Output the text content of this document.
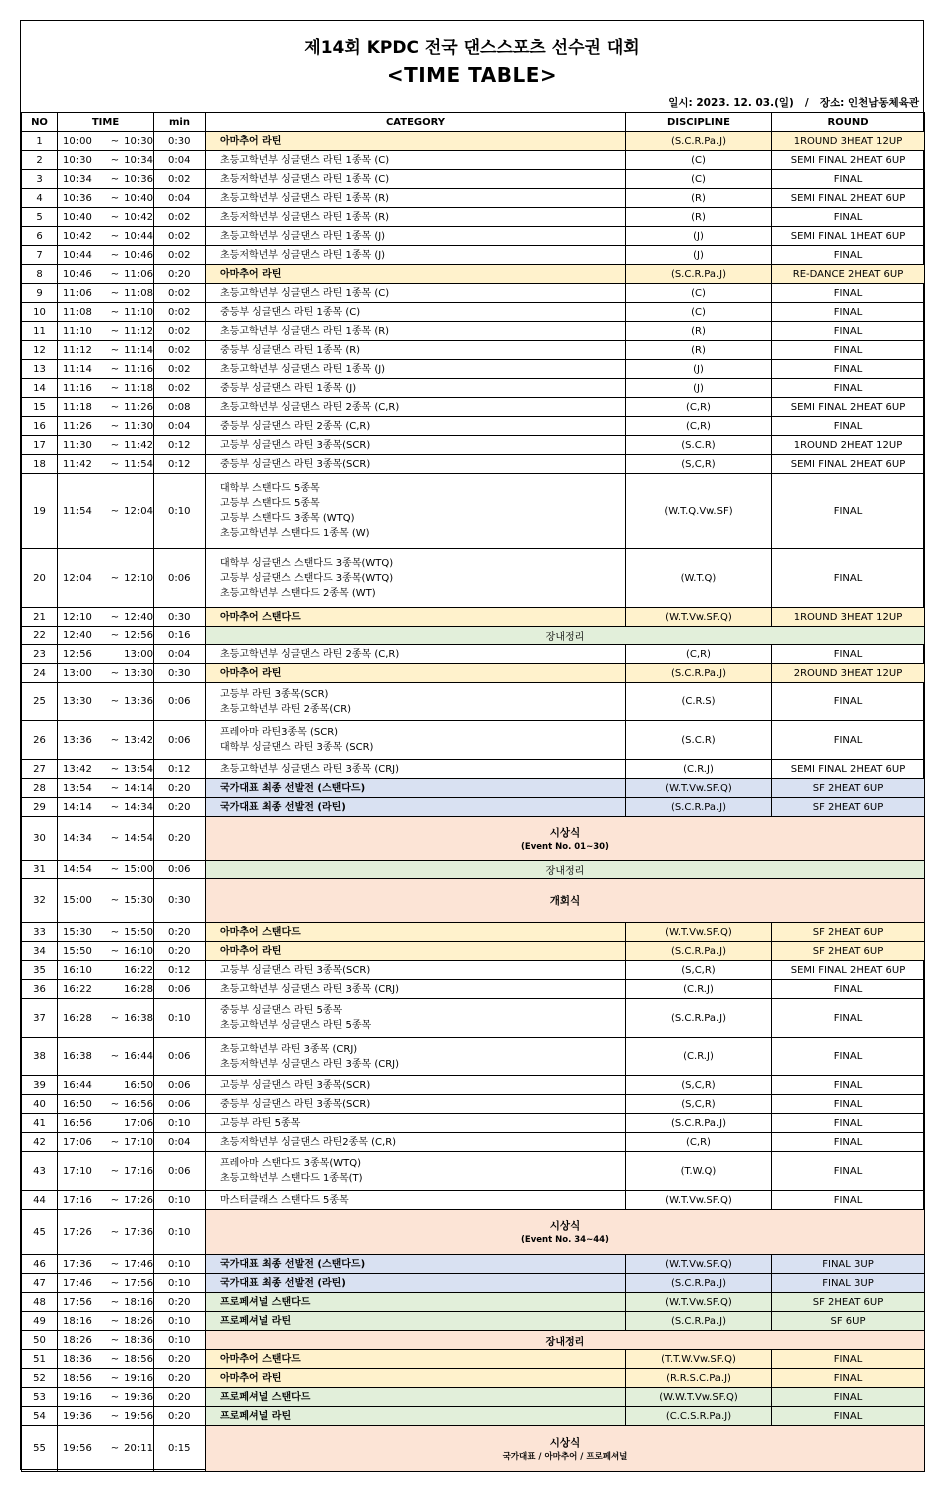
제14회 KPDC 전국 댄스스포츠 선수권 대회
<TIME TABLE>
일시: 2023. 12. 03.(일) / 장소: 인천남동체육관
NO	TIME	min	CATEGORY	DISCIPLINE	ROUND
1	10:00 ~ 10:30	0:30	아마추어 라틴	(S.C.R.Pa.J)	1ROUND 3HEAT 12UP
2	10:30 ~ 10:34	0:04	초등고학년부 싱글댄스 라틴 1종목 (C)	(C)	SEMI FINAL 2HEAT 6UP
3	10:34 ~ 10:36	0:02	초등저학년부 싱글댄스 라틴 1종목 (C)	(C)	FINAL
4	10:36 ~ 10:40	0:04	초등고학년부 싱글댄스 라틴 1종목 (R)	(R)	SEMI FINAL 2HEAT 6UP
5	10:40 ~ 10:42	0:02	초등저학년부 싱글댄스 라틴 1종목 (R)	(R)	FINAL
6	10:42 ~ 10:44	0:02	초등고학년부 싱글댄스 라틴 1종목 (J)	(J)	SEMI FINAL 1HEAT 6UP
7	10:44 ~ 10:46	0:02	초등저학년부 싱글댄스 라틴 1종목 (J)	(J)	FINAL
8	10:46 ~ 11:06	0:20	아마추어 라틴	(S.C.R.Pa.J)	RE-DANCE 2HEAT 6UP
9	11:06 ~ 11:08	0:02	초등고학년부 싱글댄스 라틴 1종목 (C)	(C)	FINAL
10	11:08 ~ 11:10	0:02	중등부 싱글댄스 라틴 1종목 (C)	(C)	FINAL
11	11:10 ~ 11:12	0:02	초등고학년부 싱글댄스 라틴 1종목 (R)	(R)	FINAL
12	11:12 ~ 11:14	0:02	중등부 싱글댄스 라틴 1종목 (R)	(R)	FINAL
13	11:14 ~ 11:16	0:02	초등고학년부 싱글댄스 라틴 1종목 (J)	(J)	FINAL
14	11:16 ~ 11:18	0:02	중등부 싱글댄스 라틴 1종목 (J)	(J)	FINAL
15	11:18 ~ 11:26	0:08	초등고학년부 싱글댄스 라틴 2종목 (C,R)	(C,R)	SEMI FINAL 2HEAT 6UP
16	11:26 ~ 11:30	0:04	중등부 싱글댄스 라틴 2종목 (C,R)	(C,R)	FINAL
17	11:30 ~ 11:42	0:12	고등부 싱글댄스 라틴 3종목(SCR)	(S.C.R)	1ROUND 2HEAT 12UP
18	11:42 ~ 11:54	0:12	중등부 싱글댄스 라틴 3종목(SCR)	(S,C,R)	SEMI FINAL 2HEAT 6UP
19	11:54 ~ 12:04	0:10	대학부 스탠다드 5종목
고등부 스탠다드 5종목
고등부 스탠다드 3종목 (WTQ)
초등고학년부 스탠다드 1종목 (W)	(W.T.Q.Vw.SF)	FINAL
20	12:04 ~ 12:10	0:06	대학부 싱글댄스 스탠다드 3종목(WTQ)
고등부 싱글댄스 스탠다드 3종목(WTQ)
초등고학년부 스탠다드 2종목 (WT)	(W.T.Q)	FINAL
21	12:10 ~ 12:40	0:30	아마추어 스탠다드	(W.T.Vw.SF.Q)	1ROUND 3HEAT 12UP
22	12:40 ~ 12:56	0:16	장내정리		
23	12:56 13:00	0:04	초등고학년부 싱글댄스 라틴 2종목 (C,R)	(C,R)	FINAL
24	13:00 ~ 13:30	0:30	아마추어 라틴	(S.C.R.Pa.J)	2ROUND 3HEAT 12UP
25	13:30 ~ 13:36	0:06	고등부 라틴 3종목(SCR)
초등고학년부 라틴 2종목(CR)	(C.R.S)	FINAL
26	13:36 ~ 13:42	0:06	프레아마 라틴3종목 (SCR)
대학부 싱글댄스 라틴 3종목 (SCR)	(S.C.R)	FINAL
27	13:42 ~ 13:54	0:12	초등고학년부 싱글댄스 라틴 3종목 (CRJ)	(C.R.J)	SEMI FINAL 2HEAT 6UP
28	13:54 ~ 14:14	0:20	국가대표 최종 선발전 (스탠다드)	(W.T.Vw.SF.Q)	SF 2HEAT 6UP
29	14:14 ~ 14:34	0:20	국가대표 최종 선발전 (라틴)	(S.C.R.Pa.J)	SF 2HEAT 6UP
30	14:34 ~ 14:54	0:20	시상식
(Event No. 01~30)		

31	14:54 ~ 15:00	0:06	장내정리		
32	15:00 ~ 15:30	0:30	개회식		

33	15:30 ~ 15:50	0:20	아마추어 스탠다드	(W.T.Vw.SF.Q)	SF 2HEAT 6UP
34	15:50 ~ 16:10	0:20	아마추어 라틴	(S.C.R.Pa.J)	SF 2HEAT 6UP
35	16:10 16:22	0:12	고등부 싱글댄스 라틴 3종목(SCR)	(S,C,R)	SEMI FINAL 2HEAT 6UP
36	16:22 16:28	0:06	초등고학년부 싱글댄스 라틴 3종목 (CRJ)	(C.R.J)	FINAL
37	16:28 ~ 16:38	0:10	중등부 싱글댄스 라틴 5종목
초등고학년부 싱글댄스 라틴 5종목	(S.C.R.Pa.J)	FINAL
38	16:38 ~ 16:44	0:06	초등고학년부 라틴 3종목 (CRJ)
초등저학년부 싱글댄스 라틴 3종목 (CRJ)	(C.R.J)	FINAL
39	16:44 16:50	0:06	고등부 싱글댄스 라틴 3종목(SCR)	(S,C,R)	FINAL
40	16:50 ~ 16:56	0:06	중등부 싱글댄스 라틴 3종목(SCR)	(S,C,R)	FINAL
41	16:56 17:06	0:10	고등부 라틴 5종목	(S.C.R.Pa.J)	FINAL
42	17:06 ~ 17:10	0:04	초등저학년부 싱글댄스 라틴2종목 (C,R)	(C,R)	FINAL
43	17:10 ~ 17:16	0:06	프레아마 스탠다드 3종목(WTQ)
초등고학년부 스탠다드 1종목(T)	(T.W.Q)	FINAL
44	17:16 ~ 17:26	0:10	마스터클래스 스탠다드 5종목	(W.T.Vw.SF.Q)	FINAL
45	17:26 ~ 17:36	0:10	시상식
(Event No. 34~44)		

46	17:36 ~ 17:46	0:10	국가대표 최종 선발전 (스탠다드)	(W.T.Vw.SF.Q)	FINAL 3UP
47	17:46 ~ 17:56	0:10	국가대표 최종 선발전 (라틴)	(S.C.R.Pa.J)	FINAL 3UP
48	17:56 ~ 18:16	0:20	프로페셔널 스탠다드	(W.T.Vw.SF.Q)	SF 2HEAT 6UP
49	18:16 ~ 18:26	0:10	프로페셔널 라틴	(S.C.R.Pa.J)	SF 6UP
50	18:26 ~ 18:36	0:10	장내정리		
51	18:36 ~ 18:56	0:20	아마추어 스탠다드	(T.T.W.Vw.SF.Q)	FINAL
52	18:56 ~ 19:16	0:20	아마추어 라틴	(R.R.S.C.Pa.J)	FINAL
53	19:16 ~ 19:36	0:20	프로페셔널 스탠다드	(W.W.T.Vw.SF.Q)	FINAL
54	19:36 ~ 19:56	0:20	프로페셔널 라틴	(C.C.S.R.Pa.J)	FINAL
55	19:56 ~ 20:11	0:15	시상식
국가대표 / 아마추어 / 프로페셔널		
